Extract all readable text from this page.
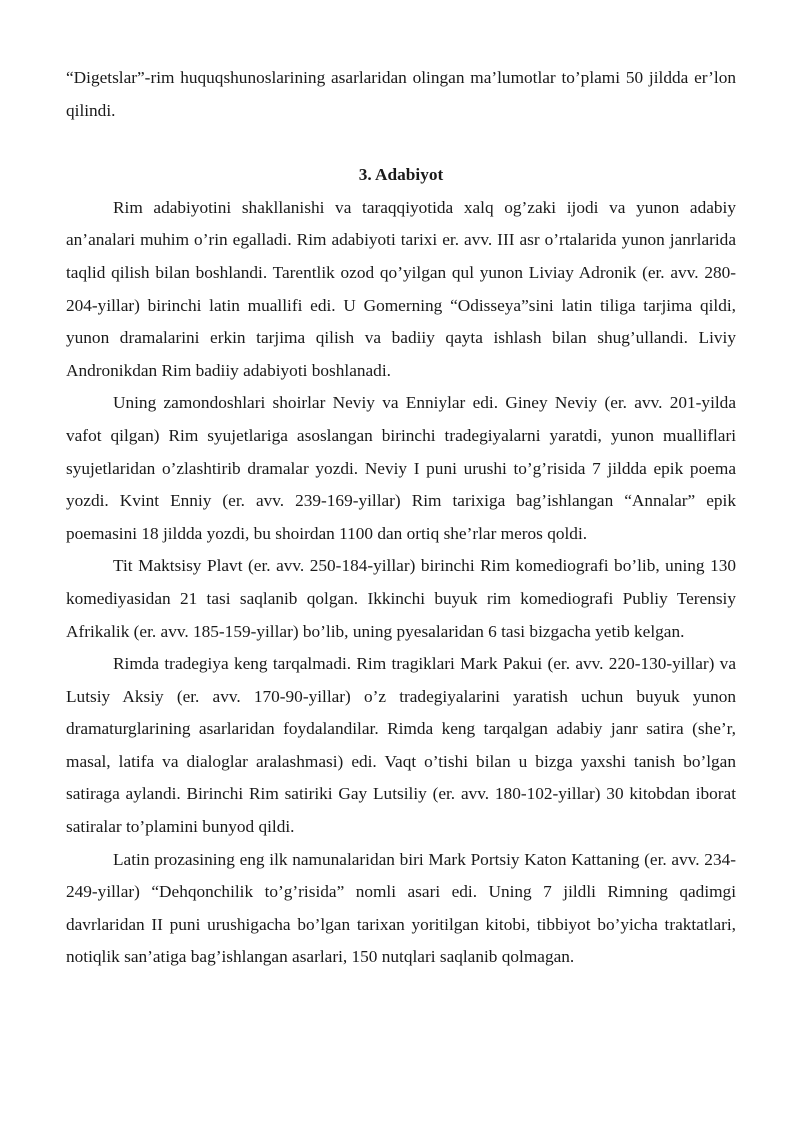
“Digetslar”-rim huquqshunoslarining asarlaridan olingan ma’lumotlar to’plami 50 jildda er’lon qilindi.

3. Adabiyot

Rim adabiyotini shakllanishi va taraqqiyotida xalq og’zaki ijodi va yunon adabiy an’analari muhim o’rin egalladi. Rim adabiyoti tarixi er. avv. III asr o’rtalarida yunon janrlarida taqlid qilish bilan boshlandi. Tarentlik ozod qo’yilgan qul yunon Liviay Adronik (er. avv. 280-204-yillar) birinchi latin muallifi edi. U Gomerning “Odisseya”sini latin tiliga tarjima qildi, yunon dramalarini erkin tarjima qilish va badiiy qayta ishlash bilan shug’ullandi. Liviy Andronikdan Rim badiiy adabiyoti boshlanadi.

Uning zamondoshlari shoirlar Neviy va Enniylar edi. Giney Neviy (er. avv. 201-yilda vafot qilgan) Rim syujetlariga asoslangan birinchi tradegiyalarni yaratdi, yunon mualliflari syujetlaridan o’zlashtirib dramalar yozdi. Neviy I puni urushi to’g’risida 7 jildda epik poema yozdi. Kvint Enniy (er. avv. 239-169-yillar) Rim tarixiga bag’ishlangan “Annalar” epik poemasini 18 jildda yozdi, bu shoirdan 1100 dan ortiq she’rlar meros qoldi.

Tit Maktsisy Plavt (er. avv. 250-184-yillar) birinchi Rim komediografi bo’lib, uning 130 komediyasidan 21 tasi saqlanib qolgan. Ikkinchi buyuk rim komediografi Publiy Terensiy Afrikalik (er. avv. 185-159-yillar) bo’lib, uning pyesalaridan 6 tasi bizgacha yetib kelgan.

Rimda tradegiya keng tarqalmadi. Rim tragiklari Mark Pakui (er. avv. 220-130-yillar) va Lutsiy Aksiy (er. avv. 170-90-yillar) o’z tradegiyalarini yaratish uchun buyuk yunon dramaturglarining asarlaridan foydalandilar. Rimda keng tarqalgan adabiy janr satira (she’r, masal, latifa va dialoglar aralashmasi) edi. Vaqt o’tishi bilan u bizga yaxshi tanish bo’lgan satiraga aylandi. Birinchi Rim satiriki Gay Lutsiliy (er. avv. 180-102-yillar) 30 kitobdan iborat satiralar to’plamini bunyod qildi.

Latin prozasining eng ilk namunalaridan biri Mark Portsiy Katon Kattaning (er. avv. 234-249-yillar) “Dehqonchilik to’g’risida” nomli asari edi. Uning 7 jildli Rimning qadimgi davrlaridan II puni urushigacha bo’lgan tarixan yoritilgan kitobi, tibbiyot bo’yicha traktatlari, notiqlik san’atiga bag’ishlangan asarlari, 150 nutqlari saqlanib qolmagan.
